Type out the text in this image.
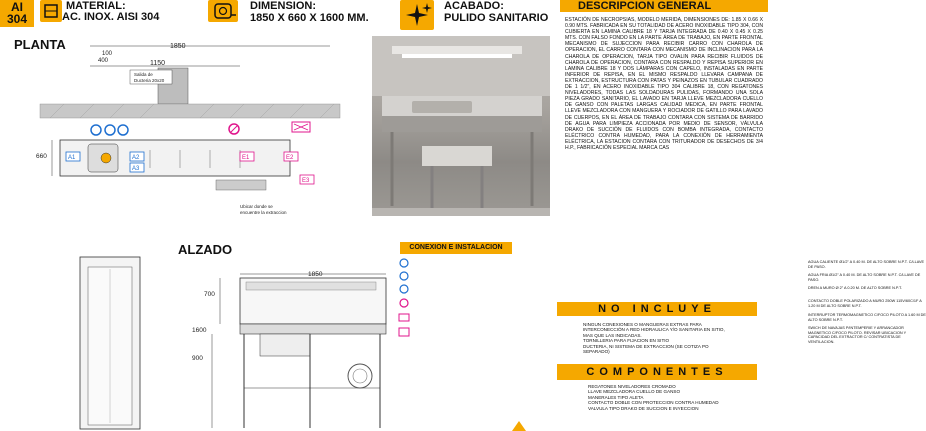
AI
304
MATERIAL:
AC. INOX. AISI 304
DIMENSION:
1850 X 660 X 1600 MM.
ACABADO:
PULIDO SANITARIO
DESCRIPCION GENERAL
ESTACIÓN DE NECROPSIAS, MODELO MERIDA, DIMENSIONES DE: 1.85 X 0.66 X 0.90 MTS. FABRICADA EN SU TOTALIDAD DE ACERO INOXIDABLE TIPO 304, CON CUBIERTA EN LAMINA CALIBRE 18 Y TARJA INTEGRADA DE 0.40 X 0.45 X 0.25 MTS. CON FALSO FONDO EN LA PARTE ÁREA DE TRABAJO, EN PARTE FRONTAL MECANISMO DE SUJECCION PARA RECIBIR CARRO CON CHAROLA DE OPERACION, EL CARRO CONTARA CON MECANISMO DE INCLINACION PARA LA CHAROLA DE OPERACION, TARJA TIPO OVALIN PARA RECIBIR FLUIDOS DE CHAROLA DE OPERACION, CONTARA CON RESPALDO Y REPISA SUPERIOR EN LAMINA CALIBRE 18 Y DOS LÁMPARAS CON CAPELO, INSTALADAS EN PARTE INFERIOR DE REPISA, EN EL MISMO RESPALDO LLEVARA CAMPANA DE EXTRACCION, ESTRUCTURA CON PATAS Y PEINAZOS EN TUBULAR CUADRADO DE 1 1/2", EN ACERO INOXIDABLE TIPO 304 CALIBRE 18, CON REGATONES NIVELADORES, TODAS LAS SOLDADURAS PULIDAS, FORMANDO UNA SOLA PIEZA GRADO SANITARIO, EL LAVADO EN TARJA LLEVE MEZCLADORA CUELLO DE GANSO CON PALETAS LARGAS CALIDAD MEDICA, EN PARTE FRONTAL LLEVE MEZCLADORA CON MANGUERA Y ROCIADOR DE GATILLO PARA LAVADO DE CUERPOS, EN EL ÁREA DE TRABAJO CONTARA CON SISTEMA DE BARRIDO DE AGUA PARA LIMPIEZA ACCIONADA POR MEDIO DE SENSOR, VÁLVULA DRAKO DE SUCCIÓN DE FLUIDOS CON BOMBA INTEGRADA, CONTACTO ELÉCTRICO CONTRA HUMEDAD, PARA LA CONEXIÓN DE HERRAMIENTA ELÉCTRICA, LA ESTACION CONTARA CON TRITURADOR DE DESECHOS DE 3/4 H.P., FABRICACIÓN ESPECIAL MARCA CAS
NO INCLUYE
NINGUN CONEXIONES O MANGUERAS EXTRAS PARA INTERCONECCIÓN A RED HIDRAULICA Y/O SANITARIA EN SITIO, MAS QUE LAS INDICADAS.
TORNILLERIA PARA FIJACION EN SITIO
DUCTERIA, NI SISTEMA DE EXTRACCION (SE COTIZA PO SEPARADO)
COMPONENTES
REGATONES NIVELADORES CROMADO
LLAVE MEZCLADORA CUELLO DE GANSO
MANERALES TIPO ALETA
CONTACTO DOBLE CON PROTECCION CONTRA HUMEDAD
VALVULA TIPO DRAKO DE SUCCION E INYECCION
PLANTA	1850
100
400	1150
Salida de
Ducteria 20x20
660	A1	A2
A3
E1	E2
E3
Ubicar donde se
encuentre la extraccion
ALZADO
1850
700
1600
900
CONEXION E INSTALACION
AGUA CALIENTE Ø1/2" A 0.40 M. DE ALTO SOBRE N.P.T. C/LLAVE DE PASO.
AGUA FRIA Ø1/2" A 0.40 M. DE ALTO SOBRE N.P.T. C/LLAVE DE PASO.
DREN A MURO Ø 2" A 0.20 M. DE ALTO SOBRE N.P.T.
CONTACTO DOBLE POLARIZADO A MURO 250W 115V/60C/1F A 1.20 M DE ALTO SOBRE N.P.T.
INTERRUPTOR TERMOMAGNETICO C/FOCO PILOTO A 1.60 M DE ALTO SOBRE N.P.T.
SWICH DE NAVAJAS P/INTEMPERIE Y ARRANCADOR MAGNETICO C/FOCO PILOTO. REVISAR UBICACION Y CAPACIDAD DEL EXTRACTOR C/ CONTRATISTA DE VENTILACION.
